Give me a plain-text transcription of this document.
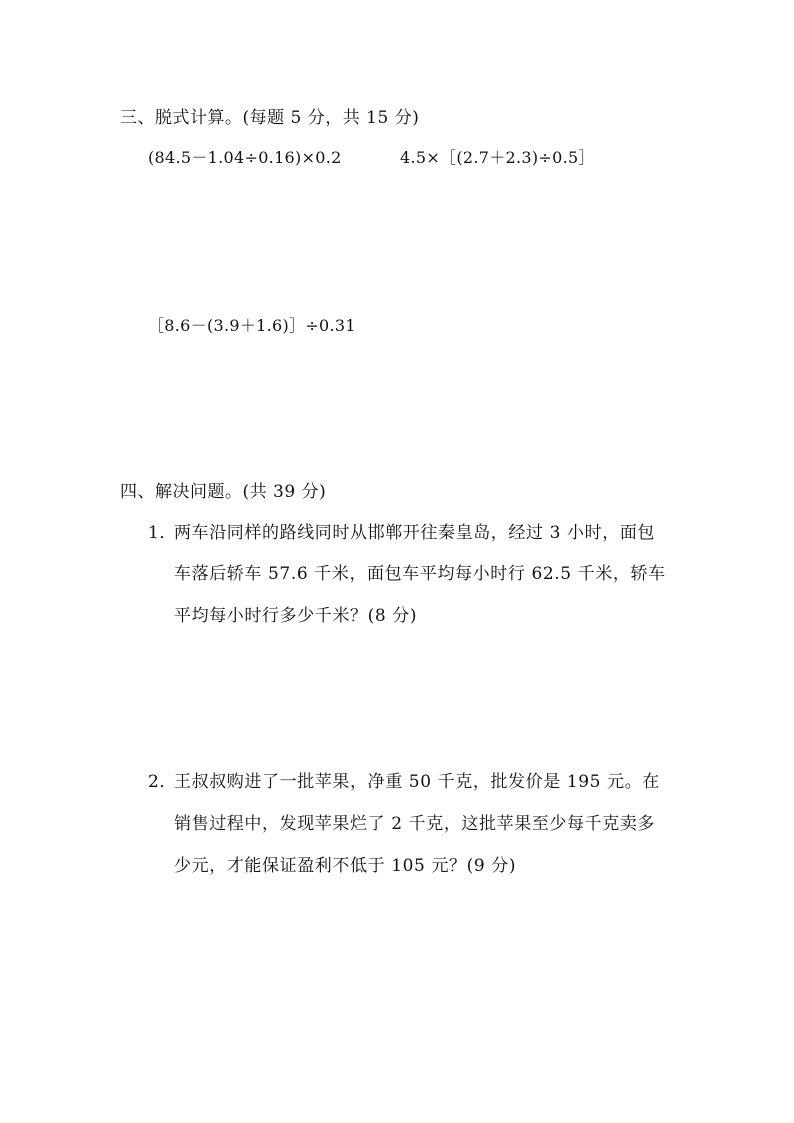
三、脱式计算。(每题 5 分，共 15 分)
(84.5－1.04÷0.16)×0.2	4.5×［(2.7＋2.3)÷0.5］
［8.6－(3.9＋1.6)］÷0.31
四、解决问题。(共 39 分)
1．两车沿同样的路线同时从邯郸开往秦皇岛，经过 3 小时，面包
车落后轿车 57.6 千米，面包车平均每小时行 62.5 千米，轿车
平均每小时行多少千米？(8 分)
2．王叔叔购进了一批苹果，净重 50 千克，批发价是 195 元。在
销售过程中，发现苹果烂了 2 千克，这批苹果至少每千克卖多
少元，才能保证盈利不低于 105 元？(9 分)
